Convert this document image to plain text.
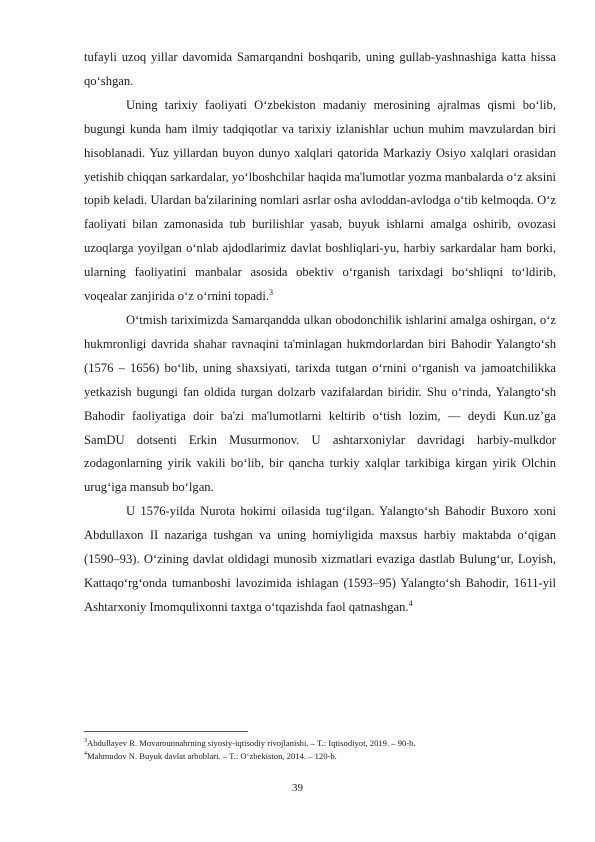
tufayli uzoq yillar davomida Samarqandni boshqarib, uning gullab-yashnashiga katta hissa qo‘shgan.

Uning tarixiy faoliyati O‘zbekiston madaniy merosining ajralmas qismi bo‘lib, bugungi kunda ham ilmiy tadqiqotlar va tarixiy izlanishlar uchun muhim mavzulardan biri hisoblanadi. Yuz yillardan buyon dunyo xalqlari qatorida Markaziy Osiyo xalqlari orasidan yetishib chiqqan sarkardalar, yo‘lboshchilar haqida ma'lumotlar yozma manbalarda o‘z aksini topib keladi. Ulardan ba'zilarining nomlari asrlar osha avloddan-avlodga o‘tib kelmoqda. O‘z faoliyati bilan zamonasida tub burilishlar yasab, buyuk ishlarni amalga oshirib, ovozasi uzoqlarga yoyilgan o‘nlab ajdodlarimiz davlat boshliqlari-yu, harbiy sarkardalar ham borki, ularning faoliyatini manbalar asosida obektiv o‘rganish tarixdagi bo‘shliqni to‘ldirib, voqealar zanjirida o‘z o‘rnini topadi.$^3$

O‘tmish tariximizda Samarqandda ulkan obodonchilik ishlarini amalga oshirgan, o‘z hukmronligi davrida shahar ravnaqini ta'minlagan hukmdorlardan biri Bahodir Yalangto‘sh (1576 – 1656) bo‘lib, uning shaxsiyati, tarixda tutgan o‘rnini o‘rganish va jamoatchilikka yetkazish bugungi fan oldida turgan dolzarb vazifalardan biridir. Shu o‘rinda, Yalangto‘sh Bahodir faoliyatiga doir ba'zi ma'lumotlarni keltirib o‘tish lozim, — deydi Kun.uz’ga SamDU dotsenti Erkin Musurmonov. U ashtarxoniylar davridagi harbiy-mulkdor zodagonlarning yirik vakili bo‘lib, bir qancha turkiy xalqlar tarkibiga kirgan yirik Olchin urug‘iga mansub bo‘lgan.

U 1576-yilda Nurota hokimi oilasida tug‘ilgan. Yalangto‘sh Bahodir Buxoro xoni Abdullaxon II nazariga tushgan va uning homiyligida maxsus harbiy maktabda o‘qigan (1590–93). O‘zining davlat oldidagi munosib xizmatlari evaziga dastlab Bulung‘ur, Loyish, Kattaqo‘rg‘onda tumanboshi lavozimida ishlagan (1593–95) Yalangto‘sh Bahodir, 1611-yil Ashtarxoniy Imomqulixonni taxtga o‘tqazishda faol qatnashgan.$^4$

$^3$Abdullayev R. Movarounnahrning siyosiy-iqtisodiy rivojlanishi. – T.: Iqtisodiyot, 2019. – 90-b.

$^4$Mahmudov N. Buyuk davlat arboblari. – T.: O‘zbekiston, 2014. – 120-b.

39
